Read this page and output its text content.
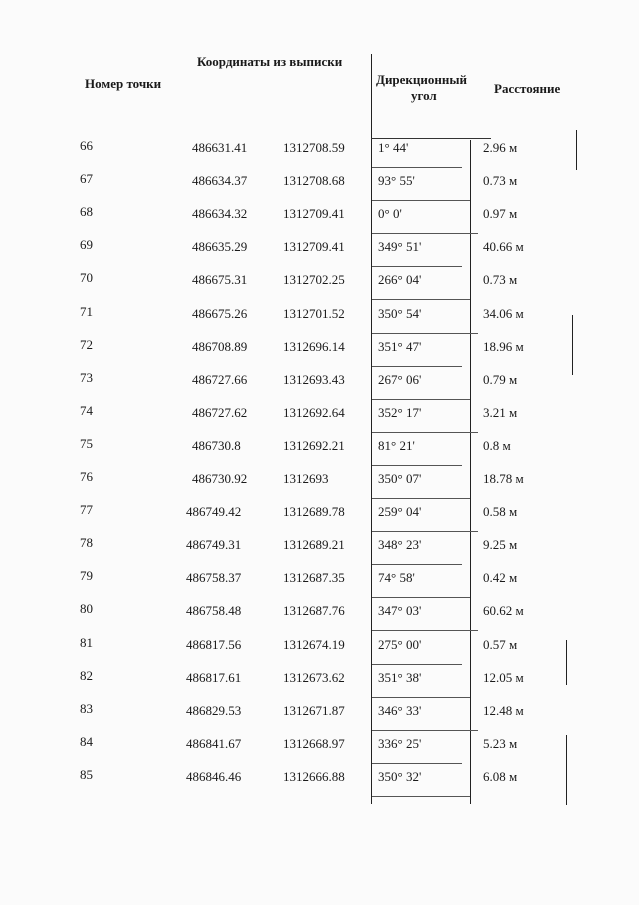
Номер точки
Координаты из выписки
Дирекционный
угол	Расстояние
66	486631.41	1312708.59	1° 44'	2.96 м
67	486634.37	1312708.68	93° 55'	0.73 м
68	486634.32	1312709.41	0° 0'	0.97 м
69	486635.29	1312709.41	349° 51'	40.66 м
70	486675.31	1312702.25	266° 04'	0.73 м
71	486675.26	1312701.52	350° 54'	34.06 м
72	486708.89	1312696.14	351° 47'	18.96 м
73	486727.66	1312693.43	267° 06'	0.79 м
74	486727.62	1312692.64	352° 17'	3.21 м
75	486730.8	1312692.21	81° 21'	0.8 м
76	486730.92	1312693	350° 07'	18.78 м
77	486749.42	1312689.78	259° 04'	0.58 м
78	486749.31	1312689.21	348° 23'	9.25 м
79	486758.37	1312687.35	74° 58'	0.42 м
80	486758.48	1312687.76	347° 03'	60.62 м
81	486817.56	1312674.19	275° 00'	0.57 м
82	486817.61	1312673.62	351° 38'	12.05 м
83	486829.53	1312671.87	346° 33'	12.48 м
84	486841.67	1312668.97	336° 25'	5.23 м
85	486846.46	1312666.88	350° 32'	6.08 м
